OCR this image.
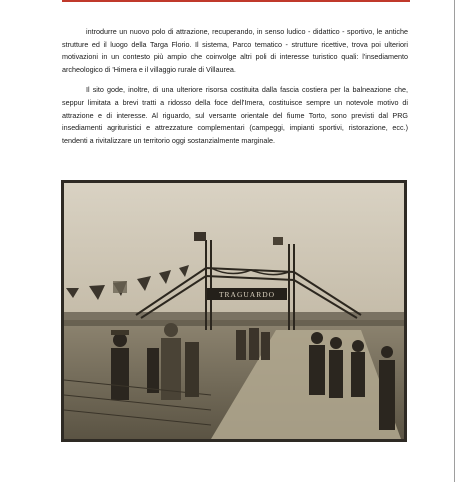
introdurre un nuovo polo di attrazione, recuperando, in senso ludico - didattico - sportivo, le antiche strutture ed il luogo della Targa Florio. Il sistema, Parco tematico - strutture ricettive, trova poi ulteriori motivazioni in un contesto più ampio che coinvolge altri poli di interesse turistico quali: l'insediamento archeologico di 'Himera e il villaggio rurale di Villaurea.

Il sito gode, inoltre, di una ulteriore risorsa costituita dalla fascia costiera per la balneazione che, seppur limitata a brevi tratti a ridosso della foce dell'Imera, costituisce sempre un notevole motivo di attrazione e di interesse. Al riguardo, sul versante orientale del fiume Torto, sono previsti dal PRG insediamenti agrituristici e attrezzature complementari (campeggi, impianti sportivi, ristorazione, ecc.) tendenti a rivitalizzare un territorio oggi sostanzialmente marginale.

TRAGUARDO
